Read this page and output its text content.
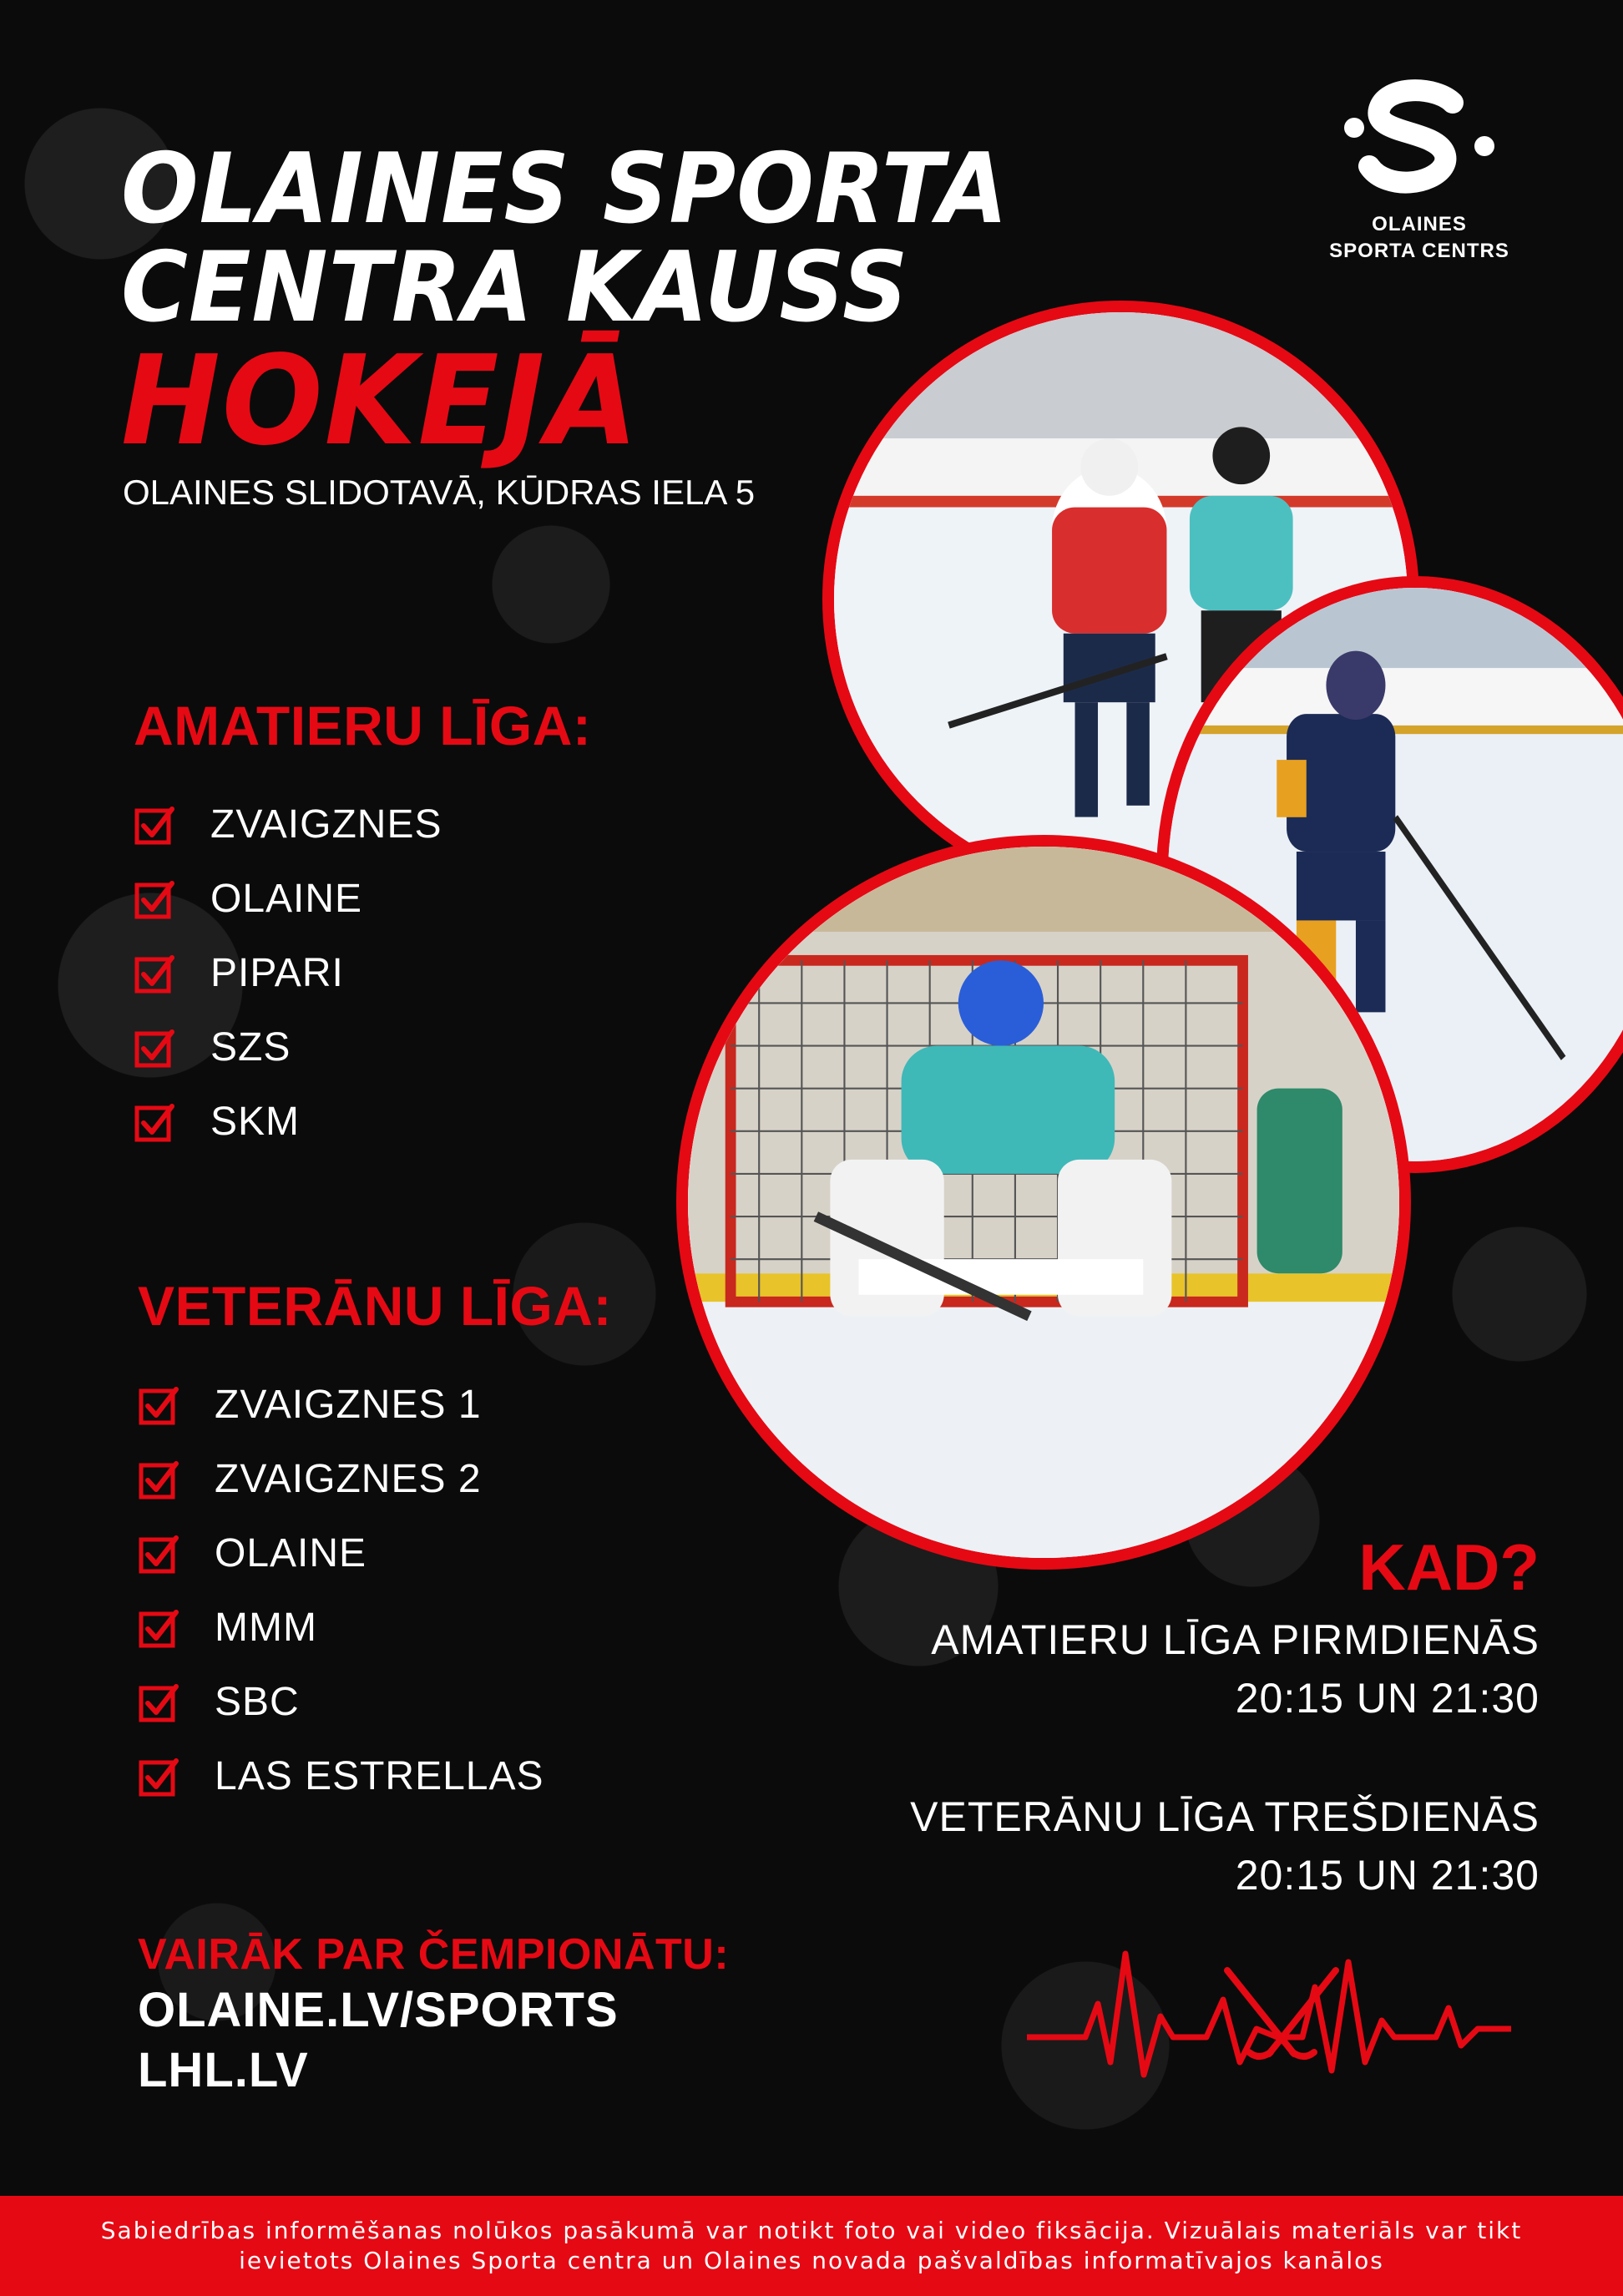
OLAINES
SPORTA CENTRS
OLAINES SPORTA
CENTRA KAUSS
HOKEJĀ
OLAINES SLIDOTAVĀ, KŪDRAS IELA 5
AMATIERU LĪGA:
ZVAIGZNES
OLAINE
PIPARI
SZS
SKM
VETERĀNU LĪGA:
ZVAIGZNES 1
ZVAIGZNES 2
OLAINE
MMM
SBC
LAS ESTRELLAS
KAD?
AMATIERU LĪGA PIRMDIENĀS
20:15 UN 21:30
VETERĀNU LĪGA TREŠDIENĀS
20:15 UN 21:30
VAIRĀK PAR ČEMPIONĀTU:
OLAINE.LV/SPORTS
LHL.LV
Sabiedrības informēšanas nolūkos pasākumā var notikt foto vai video fiksācija. Vizuālais materiāls var tikt ievietots Olaines Sporta centra un Olaines novada pašvaldības informatīvajos kanālos
